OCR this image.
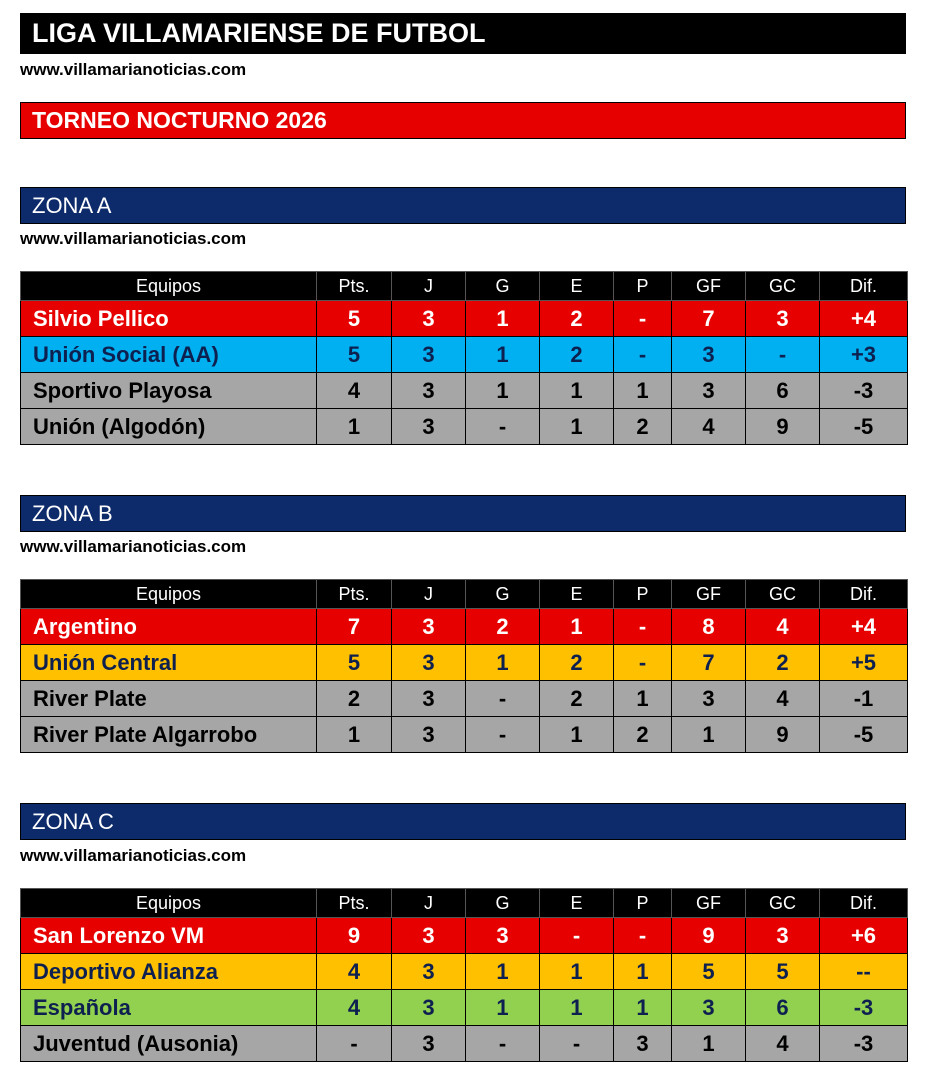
LIGA VILLAMARIENSE DE FUTBOL
www.villamarianoticias.com
TORNEO NOCTURNO 2026
ZONA A
www.villamarianoticias.com
Equipos	Pts.	J	G	E	P	GF	GC	Dif.
Silvio Pellico	5	3	1	2	-	7	3	+4
Unión Social (AA)	5	3	1	2	-	3	-	+3
Sportivo Playosa	4	3	1	1	1	3	6	-3
Unión (Algodón)	1	3	-	1	2	4	9	-5
ZONA B
www.villamarianoticias.com
Equipos	Pts.	J	G	E	P	GF	GC	Dif.
Argentino	7	3	2	1	-	8	4	+4
Unión Central	5	3	1	2	-	7	2	+5
River Plate	2	3	-	2	1	3	4	-1
River Plate Algarrobo	1	3	-	1	2	1	9	-5
ZONA C
www.villamarianoticias.com
Equipos	Pts.	J	G	E	P	GF	GC	Dif.
San Lorenzo VM	9	3	3	-	-	9	3	+6
Deportivo Alianza	4	3	1	1	1	5	5	--
Española	4	3	1	1	1	3	6	-3
Juventud (Ausonia)	-	3	-	-	3	1	4	-3
